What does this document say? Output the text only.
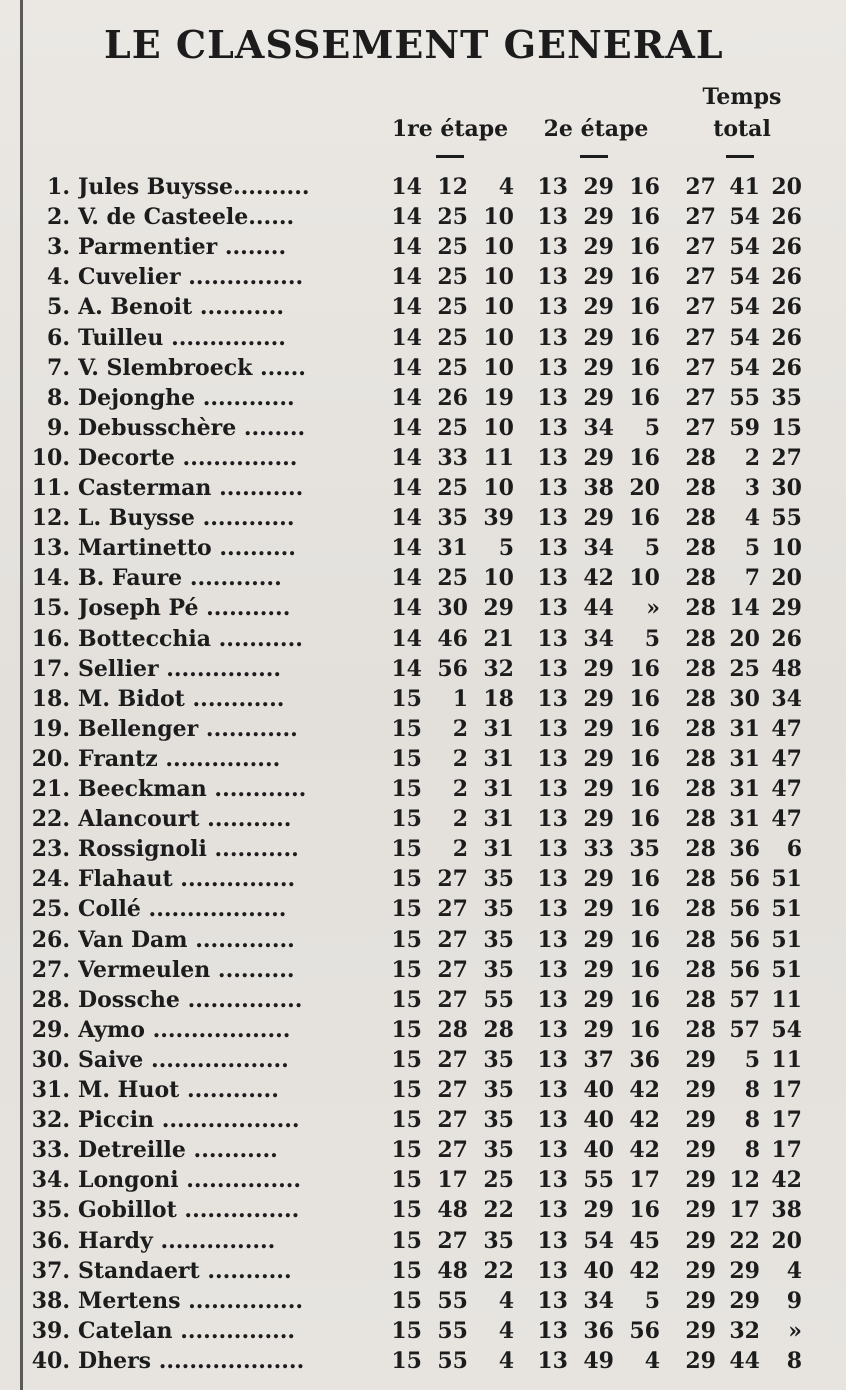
LE CLASSEMENT GENERAL
1re étape	2e étape
Temps
total
1. Jules Buysse..........	14 12	4 13 29 16 27 41 20
2. V. de Casteele......	14 25 10 13 29 16 27 54 26
3. Parmentier ........	14 25 10 13 29 16 27 54 26
4. Cuvelier ...............	14 25 10 13 29 16 27 54 26
5. A. Benoit ...........	14 25 10 13 29 16 27 54 26
6. Tuilleu ...............	14 25 10 13 29 16 27 54 26
7. V. Slembroeck ......	14 25 10 13 29 16 27 54 26
8. Dejonghe ............	14 26 19 13 29 16 27 55 35
9. Debusschère ........	14 25 10 13 34	5 27 59 15
10. Decorte ...............	14 33 11 13 29 16 28	2 27
11. Casterman ...........	14 25 10 13 38 20 28	3 30
12. L. Buysse ............	14 35 39 13 29 16 28	4 55
13. Martinetto ..........	14 31	5 13 34	5 28	5 10
14. B. Faure ............	14 25 10 13 42 10 28	7 20
15. Joseph Pé ...........	14 30 29 13 44	» 28 14 29
16. Bottecchia ...........	14 46 21 13 34	5 28 20 26
17. Sellier ...............	14 56 32 13 29 16 28 25 48
18. M. Bidot ............	15	1 18 13 29 16 28 30 34
19. Bellenger ............	15	2 31 13 29 16 28 31 47
20. Frantz ...............	15	2 31 13 29 16 28 31 47
21. Beeckman ............	15	2 31 13 29 16 28 31 47
22. Alancourt ...........	15	2 31 13 29 16 28 31 47
23. Rossignoli ...........	15	2 31 13 33 35 28 36	6
24. Flahaut ...............	15 27 35 13 29 16 28 56 51
25. Collé ..................	15 27 35 13 29 16 28 56 51
26. Van Dam .............	15 27 35 13 29 16 28 56 51
27. Vermeulen ..........	15 27 35 13 29 16 28 56 51
28. Dossche ...............	15 27 55 13 29 16 28 57 11
29. Aymo ..................	15 28 28 13 29 16 28 57 54
30. Saive ..................	15 27 35 13 37 36 29	5 11
31. M. Huot ............	15 27 35 13 40 42 29	8 17
32. Piccin ..................	15 27 35 13 40 42 29	8 17
33. Detreille ...........	15 27 35 13 40 42 29	8 17
34. Longoni ...............	15 17 25 13 55 17 29 12 42
35. Gobillot ...............	15 48 22 13 29 16 29 17 38
36. Hardy ...............	15 27 35 13 54 45 29 22 20
37. Standaert ...........	15 48 22 13 40 42 29 29	4
38. Mertens ...............	15 55	4 13 34	5 29 29	9
39. Catelan ...............	15 55	4 13 36 56 29 32	»
40. Dhers ...................	15 55	4 13 49	4 29 44	8
